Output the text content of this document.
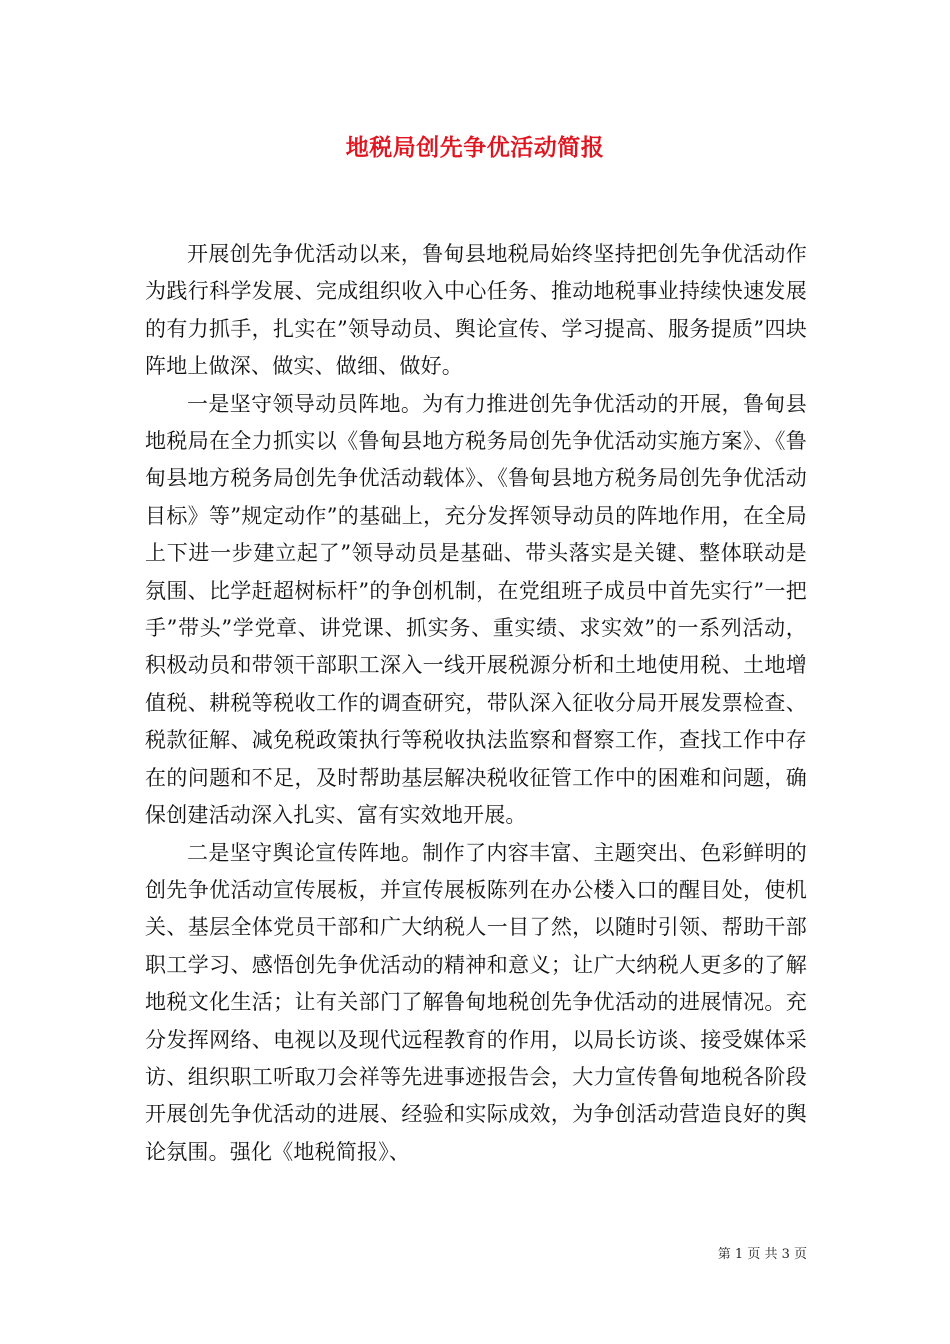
地税局创先争优活动简报

开展创先争优活动以来，鲁甸县地税局始终坚持把创先争优活动作为践行科学发展、完成组织收入中心任务、推动地税事业持续快速发展的有力抓手，扎实在”领导动员、舆论宣传、学习提高、服务提质”四块阵地上做深、做实、做细、做好。

一是坚守领导动员阵地。为有力推进创先争优活动的开展，鲁甸县地税局在全力抓实以《鲁甸县地方税务局创先争优活动实施方案》、《鲁甸县地方税务局创先争优活动载体》、《鲁甸县地方税务局创先争优活动目标》等”规定动作”的基础上，充分发挥领导动员的阵地作用，在全局上下进一步建立起了”领导动员是基础、带头落实是关键、整体联动是氛围、比学赶超树标杆”的争创机制，在党组班子成员中首先实行”一把手”带头”学党章、讲党课、抓实务、重实绩、求实效”的一系列活动，积极动员和带领干部职工深入一线开展税源分析和土地使用税、土地增值税、耕税等税收工作的调查研究，带队深入征收分局开展发票检查、税款征解、减免税政策执行等税收执法监察和督察工作，查找工作中存在的问题和不足，及时帮助基层解决税收征管工作中的困难和问题，确保创建活动深入扎实、富有实效地开展。

二是坚守舆论宣传阵地。制作了内容丰富、主题突出、色彩鲜明的创先争优活动宣传展板，并宣传展板陈列在办公楼入口的醒目处，使机关、基层全体党员干部和广大纳税人一目了然，以随时引领、帮助干部职工学习、感悟创先争优活动的精神和意义；让广大纳税人更多的了解地税文化生活；让有关部门了解鲁甸地税创先争优活动的进展情况。充分发挥网络、电视以及现代远程教育的作用，以局长访谈、接受媒体采访、组织职工听取刀会祥等先进事迹报告会，大力宣传鲁甸地税各阶段开展创先争优活动的进展、经验和实际成效，为争创活动营造良好的舆论氛围。强化《地税简报》、

第 1 页 共 3 页
